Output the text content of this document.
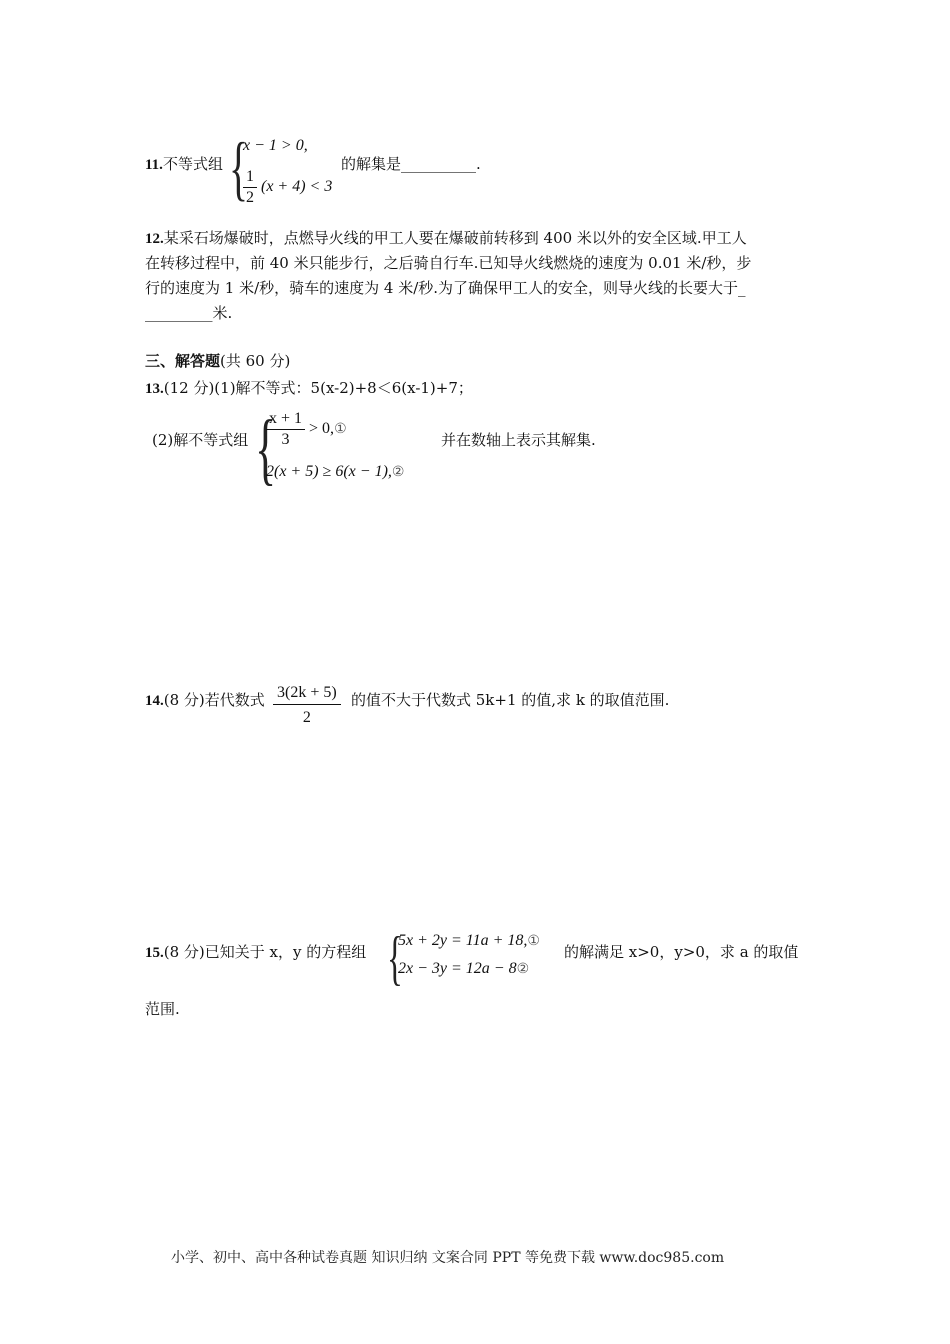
11.不等式组 {
x − 1 > 0,
$\frac{1}{2} (x + 4) < 3$
的解集是__________.
12.某采石场爆破时，点燃导火线的甲工人要在爆破前转移到 400 米以外的安全区域.甲工人
在转移过程中，前 40 米只能步行，之后骑自行车.已知导火线燃烧的速度为 0.01 米/秒，步
行的速度为 1 米/秒，骑车的速度为 4 米/秒.为了确保甲工人的安全，则导火线的长要大于_
_________米.
三、解答题(共 60 分)
13.(12 分)(1)解不等式：5(x-2)+8＜6(x-1)+7；
(2)解不等式组 {
$\frac{x + 1}{3}$ > 0,①
2(x + 5) ≥ 6(x − 1),②
并在数轴上表示其解集.
14.(8 分)若代数式 $\frac{3(2k + 5)}{2}$ 的值不大于代数式 5k+1 的值,求 k 的取值范围.
15.(8 分)已知关于 x，y 的方程组 {
5x + 2y = 11a + 18,①
2x − 3y = 12a − 8②
的解满足 x>0，y>0，求 a 的取值
范围.
小学、初中、高中各种试卷真题 知识归纳 文案合同 PPT 等免费下载 www.doc985.com
